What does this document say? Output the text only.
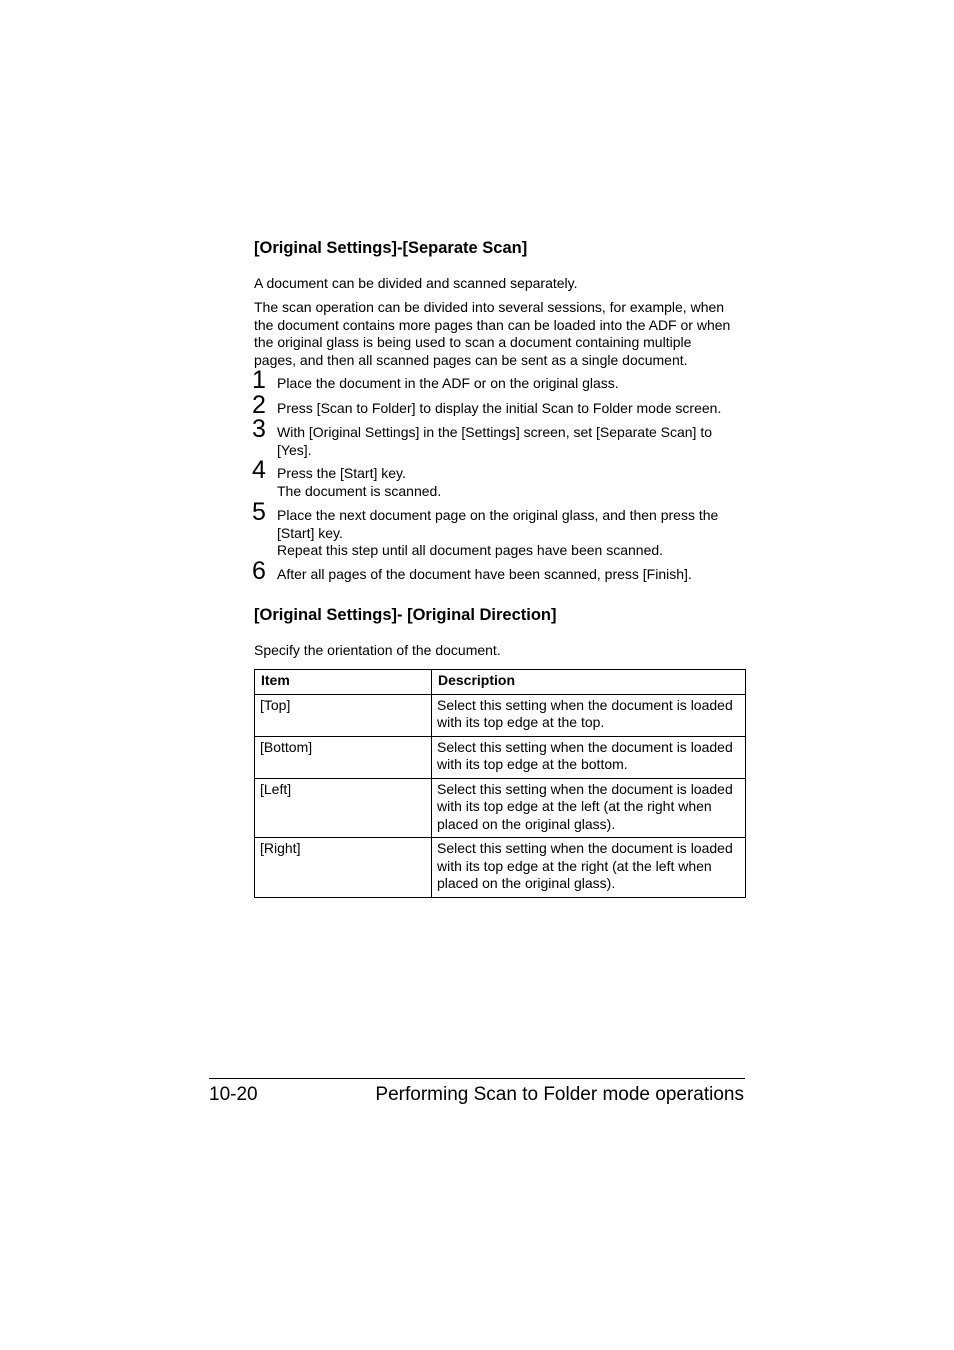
[Original Settings]-[Separate Scan]
A document can be divided and scanned separately.
The scan operation can be divided into several sessions, for example, when
the document contains more pages than can be loaded into the ADF or when
the original glass is being used to scan a document containing multiple
pages, and then all scanned pages can be sent as a single document.
1 Place the document in the ADF or on the original glass.
2 Press [Scan to Folder] to display the initial Scan to Folder mode screen.
3 With [Original Settings] in the [Settings] screen, set [Separate Scan] to
[Yes].
4 Press the [Start] key.
The document is scanned.
5 Place the next document page on the original glass, and then press the
[Start] key.
Repeat this step until all document pages have been scanned.
6 After all pages of the document have been scanned, press [Finish].
[Original Settings]- [Original Direction]
Specify the orientation of the document.
Item	Description
[Top]	Select this setting when the document is loaded
with its top edge at the top.

[Bottom]	Select this setting when the document is loaded
with its top edge at the bottom.

[Left]	Select this setting when the document is loaded
with its top edge at the left (at the right when
placed on the original glass).

[Right]	Select this setting when the document is loaded
with its top edge at the right (at the left when
placed on the original glass).
10-20	Performing Scan to Folder mode operations
